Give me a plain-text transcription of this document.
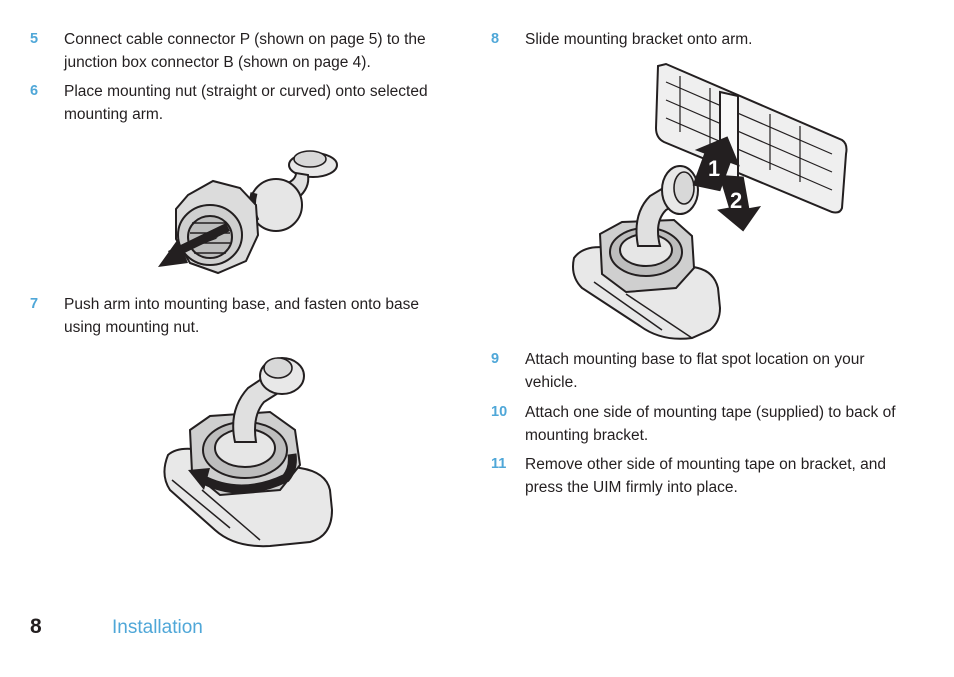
5	Connect cable connector P (shown on page 5) to the junction box connector B (shown on page 4).
6	Place mounting nut (straight or curved) onto selected mounting arm.
7	Push arm into mounting base, and fasten onto base using mounting nut.
8	Slide mounting bracket onto arm.
1
2
9	Attach mounting base to flat spot location on your vehicle.
10 Attach one side of mounting tape (supplied) to back of mounting bracket.
11	Remove other side of mounting tape on bracket, and press the UIM firmly into place.
8	Installation
